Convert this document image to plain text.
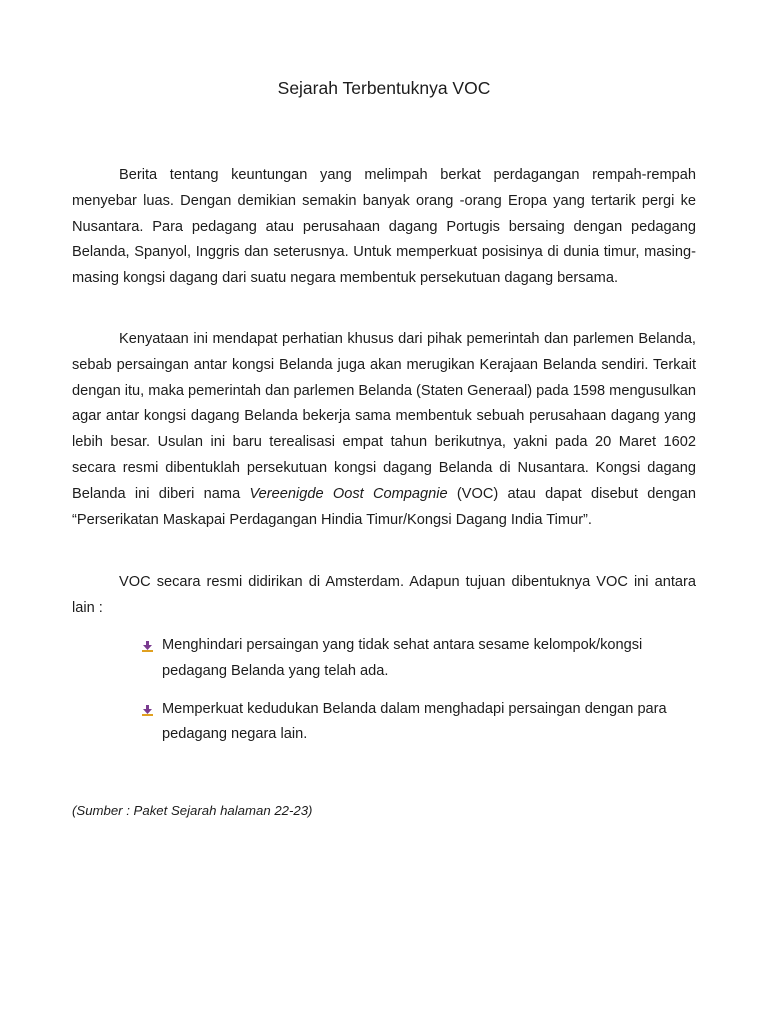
Sejarah Terbentuknya VOC

Berita tentang keuntungan yang melimpah berkat perdagangan rempah-rempah menyebar luas. Dengan demikian semakin banyak orang -orang Eropa yang tertarik pergi ke Nusantara. Para pedagang atau perusahaan dagang Portugis bersaing dengan pedagang Belanda, Spanyol, Inggris dan seterusnya. Untuk memperkuat posisinya di dunia timur, masing-masing kongsi dagang dari suatu negara membentuk persekutuan dagang bersama.

Kenyataan ini mendapat perhatian khusus dari pihak pemerintah dan parlemen Belanda, sebab persaingan antar kongsi Belanda juga akan merugikan Kerajaan Belanda sendiri. Terkait dengan itu, maka pemerintah dan parlemen Belanda (Staten Generaal) pada 1598 mengusulkan agar antar kongsi dagang Belanda bekerja sama membentuk sebuah perusahaan dagang yang lebih besar. Usulan ini baru terealisasi empat tahun berikutnya, yakni pada 20 Maret 1602 secara resmi dibentuklah persekutuan kongsi dagang Belanda di Nusantara. Kongsi dagang Belanda ini diberi nama Vereenigde Oost Compagnie (VOC) atau dapat disebut dengan “Perserikatan Maskapai Perdagangan Hindia Timur/Kongsi Dagang India Timur”.

VOC secara resmi didirikan di Amsterdam. Adapun tujuan dibentuknya VOC ini antara lain :

Menghindari persaingan yang tidak sehat antara sesame kelompok/kongsi pedagang Belanda yang telah ada.
Memperkuat kedudukan Belanda dalam menghadapi persaingan dengan para pedagang negara lain.

(Sumber : Paket Sejarah halaman 22-23)
